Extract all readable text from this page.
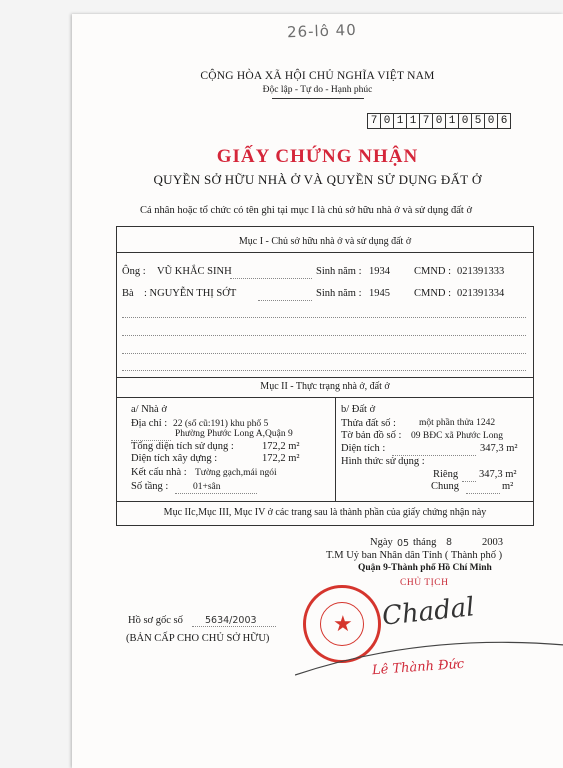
26-lô 40
CỘNG HÒA XÃ HỘI CHỦ NGHĨA VIỆT NAM
Độc lập - Tự do - Hạnh phúc
7 0 1 1 7 0 1 0 5 0 6
GIẤY CHỨNG NHẬN
QUYỀN SỞ HỮU NHÀ Ở VÀ QUYỀN SỬ DỤNG ĐẤT Ở
Cá nhân hoặc tổ chức có tên ghi tại mục I là chủ sở hữu nhà ở và sử dụng đất ở
Mục I - Chủ sở hữu nhà ở và sử dụng đất ở
Ông : VŨ KHẮC SINH	Sinh năm : 1934 CMND : 021391333
Bà : NGUYỄN THỊ SỚT	Sinh năm : 1945 CMND : 021391334
Mục II - Thực trạng nhà ở, đất ở
a/ Nhà ở
Địa chỉ : 22 (số cũ:191) khu phố 5
Phường Phước Long A,Quận 9
Tổng diện tích sử dụng :	172,2 m²
Diện tích xây dựng :	172,2 m²
Kết cấu nhà : Tường gạch,mái ngói
Số tầng :	01+sân
b/ Đất ở
Thửa đất số : một phần thửa 1242
Tờ bản đồ số : 09 BĐC xã Phước Long
Diện tích :	347,3 m²
Hình thức sử dụng :
Riêng 347,3 m²
Chung	m²
Mục IIc,Mục III, Mục IV ở các trang sau là thành phần của giấy chứng nhận này
Ngày 05 tháng 8	2003
T.M Uỷ ban Nhân dân Tỉnh ( Thành phố )
Quận 9-Thành phố Hồ Chí Minh
CHỦ TỊCH
★ Chadal
Lê Thành Đức
Hồ sơ gốc số 5634/2003
(BẢN CẤP CHO CHỦ SỞ HỮU)
